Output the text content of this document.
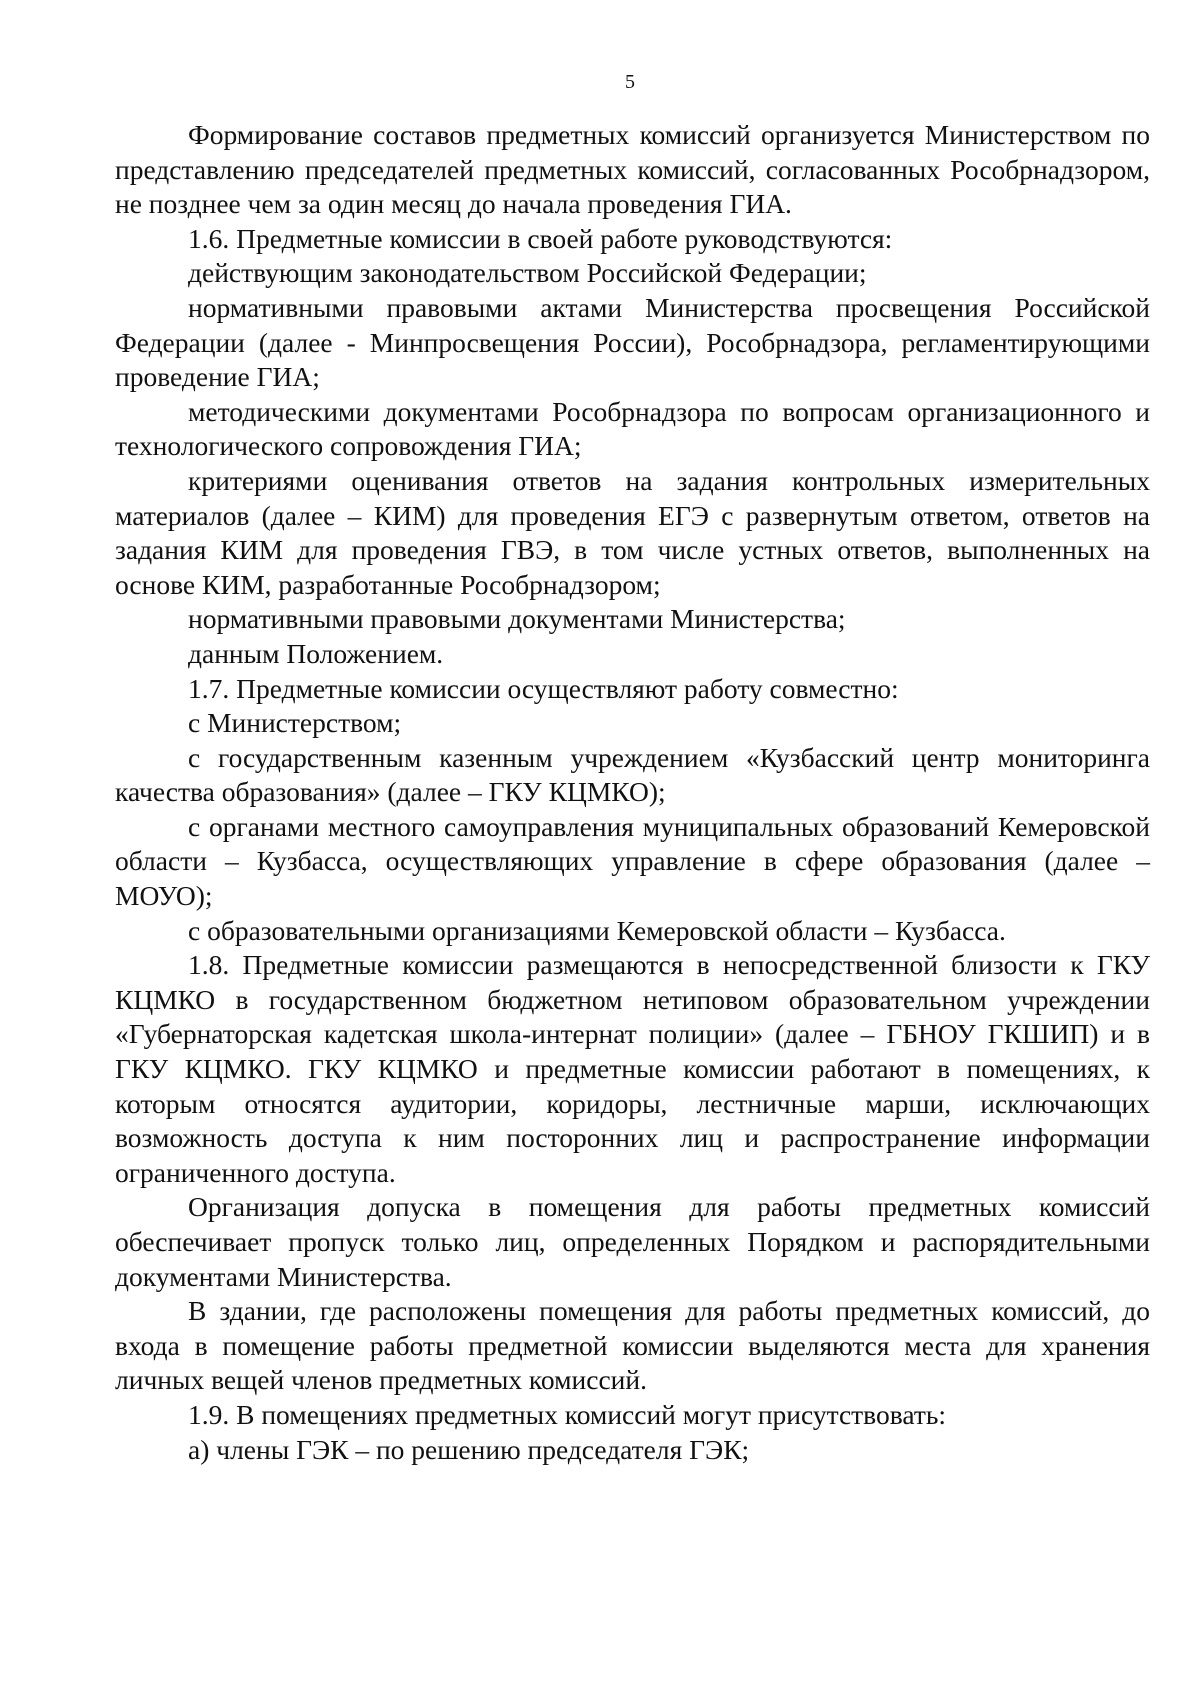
5

Формирование составов предметных комиссий организуется Министерством по представлению председателей предметных комиссий, согласованных Рособрнадзором, не позднее чем за один месяц до начала проведения ГИА.

1.6. Предметные комиссии в своей работе руководствуются:

действующим законодательством Российской Федерации;

нормативными правовыми актами Министерства просвещения Российской Федерации (далее - Минпросвещения России), Рособрнадзора, регламентирующими проведение ГИА;

методическими документами Рособрнадзора по вопросам организационного и технологического сопровождения ГИА;

критериями оценивания ответов на задания контрольных измерительных материалов (далее – КИМ) для проведения ЕГЭ с развернутым ответом, ответов на задания КИМ для проведения ГВЭ, в том числе устных ответов, выполненных на основе КИМ, разработанные Рособрнадзором;

нормативными правовыми документами Министерства;

данным Положением.

1.7. Предметные комиссии осуществляют работу совместно:

с Министерством;

с государственным казенным учреждением «Кузбасский центр мониторинга качества образования» (далее – ГКУ КЦМКО);

с органами местного самоуправления муниципальных образований Кемеровской области – Кузбасса, осуществляющих управление в сфере образования (далее – МОУО);

с образовательными организациями Кемеровской области – Кузбасса.

1.8. Предметные комиссии размещаются в непосредственной близости к ГКУ КЦМКО в государственном бюджетном нетиповом образовательном учреждении «Губернаторская кадетская школа-интернат полиции» (далее – ГБНОУ ГКШИП) и в ГКУ КЦМКО. ГКУ КЦМКО и предметные комиссии работают в помещениях, к которым относятся аудитории, коридоры, лестничные марши, исключающих возможность доступа к ним посторонних лиц и распространение информации ограниченного доступа.

Организация допуска в помещения для работы предметных комиссий обеспечивает пропуск только лиц, определенных Порядком и распорядительными документами Министерства.

В здании, где расположены помещения для работы предметных комиссий, до входа в помещение работы предметной комиссии выделяются места для хранения личных вещей членов предметных комиссий.

1.9. В помещениях предметных комиссий могут присутствовать:

а) члены ГЭК – по решению председателя ГЭК;
